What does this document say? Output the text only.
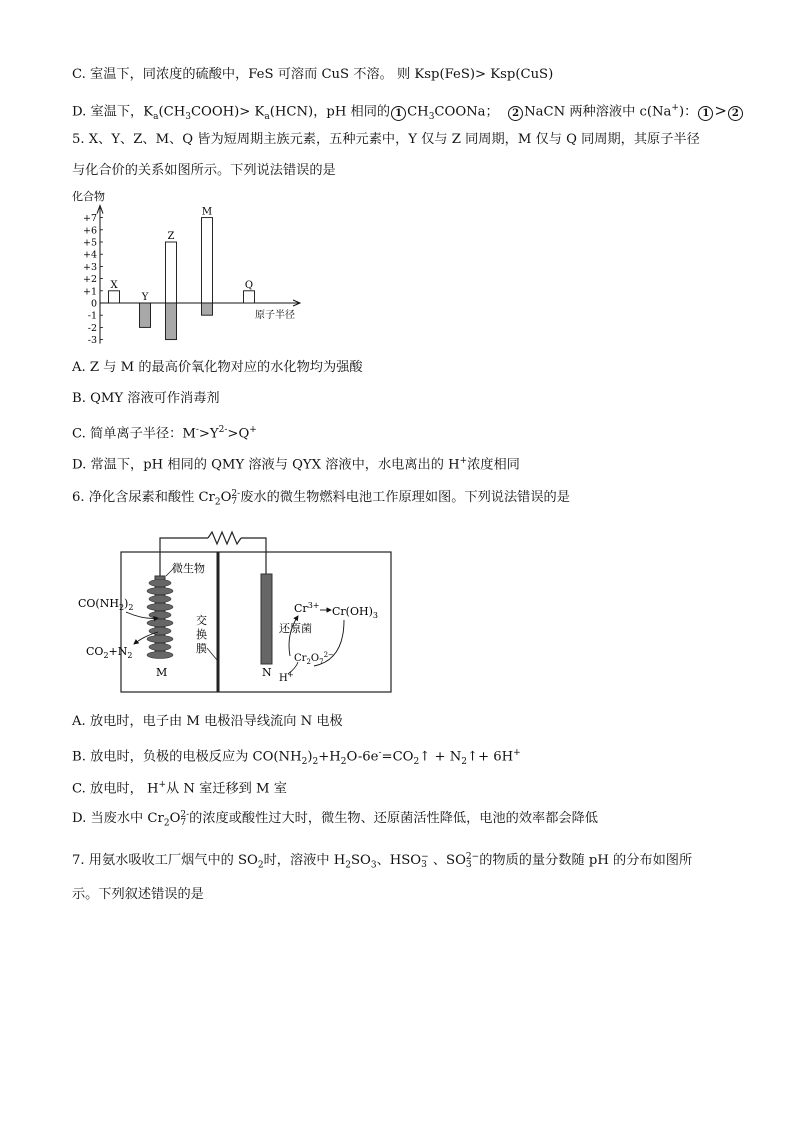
C. 室温下，同浓度的硫酸中，FeS 可溶而 CuS 不溶。 则 Ksp(FeS)> Ksp(CuS)
D. 室温下，$K_a(CH_3COOH)> K_a(HCN)$，pH 相同的 1 $CH_3COONa$； 2 NaCN 两种溶液中 c(Na+)： 1 > 2
5. X、Y、Z、M、Q 皆为短周期主族元素，五种元素中，Y 仅与 Z 同周期，M 仅与 Q 同周期，其原子半径
与化合价的关系如图所示。下列说法错误的是
化合物
原子半径
+7
+6
+5
+4
+3
+2
+1
0
-1
-2
-3
X
Y
Z
M
Q
A. Z 与 M 的最高价氧化物对应的水化物均为强酸
B. QMY 溶液可作消毒剂
C. 简单离子半径：$M^->Y^{2-}>Q^+$
D. 常温下，pH 相同的 QMY 溶液与 QYX 溶液中，水电离出的 H+浓度相同
6. 净化含尿素和酸性 $Cr_2O$ 2-
7 废水的微生物燃料电池工作原理如图。下列说法错误的是
微生物
交
换
膜
$CO(NH_2)_2$
$CO_2+N_2$
$Cr^{3+}$ $Cr(OH)_3$
还原菌
$Cr_2O_7^{2-}$
H+
M	N
A. 放电时，电子由 M 电极沿导线流向 N 电极
B. 放电时，负极的电极反应为 $CO(NH_2)_2+H_2O-6e^-=CO_2↑$ + $N_2↑+ 6H^+$
C. 放电时， H+从 N 室迁移到 M 室
D. 当废水中 $Cr_2O$ 2-
7 的浓度或酸性过大时，微生物、还原菌活性降低，电池的效率都会降低
7. 用氨水吸收工厂烟气中的 $SO_2$时，溶液中 $H_2SO_3$、HSO −
3 、SO 2−
3 的物质的量分数随 pH 的分布如图所
示。下列叙述错误的是
